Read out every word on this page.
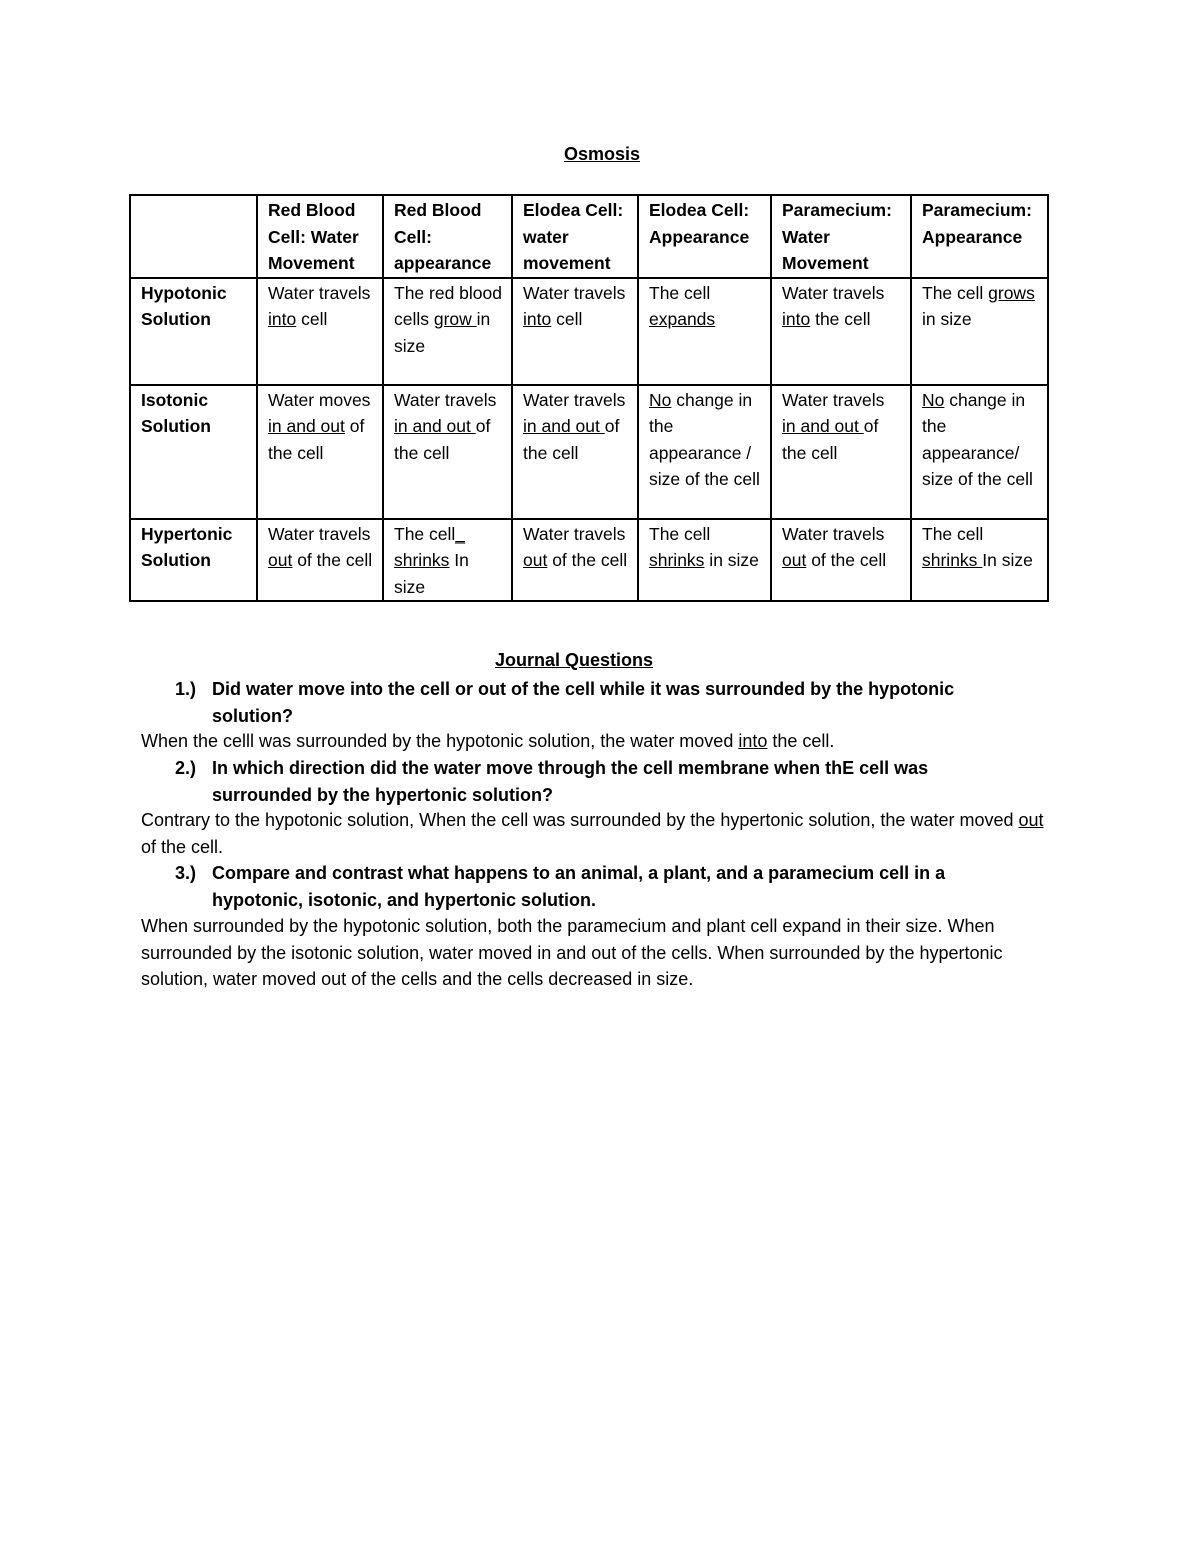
Osmosis
	Red Blood Cell: Water Movement	Red Blood Cell: appearance	Elodea Cell: water movement	Elodea Cell: Appearance	Paramecium: Water Movement	Paramecium: Appearance
Hypotonic Solution	Water travels into cell	The red blood cells grow in size	Water travels into cell	The cell expands	Water travels into the cell	The cell grows in size
Isotonic Solution	Water moves in and out of the cell	Water travels in and out of the cell	Water travels in and out of the cell	No change in the appearance / size of the cell	Water travels in and out of the cell	No change in the appearance/ size of the cell
Hypertonic Solution	Water travels out of the cell	The cell_ shrinks In size	Water travels out of the cell	The cell shrinks in size	Water travels out of the cell	The cell shrinks In size
Journal Questions
1.) Did water move into the cell or out of the cell while it was surrounded by the hypotonic solution?
When the celll was surrounded by the hypotonic solution, the water moved into the cell.
2.) In which direction did the water move through the cell membrane when thE cell was surrounded by the hypertonic solution?
Contrary to the hypotonic solution, When the cell was surrounded by the hypertonic solution, the water moved out of the cell.
3.) Compare and contrast what happens to an animal, a plant, and a paramecium cell in a hypotonic, isotonic, and hypertonic solution.
When surrounded by the hypotonic solution, both the paramecium and plant cell expand in their size. When surrounded by the isotonic solution, water moved in and out of the cells. When surrounded by the hypertonic solution, water moved out of the cells and the cells decreased in size.
